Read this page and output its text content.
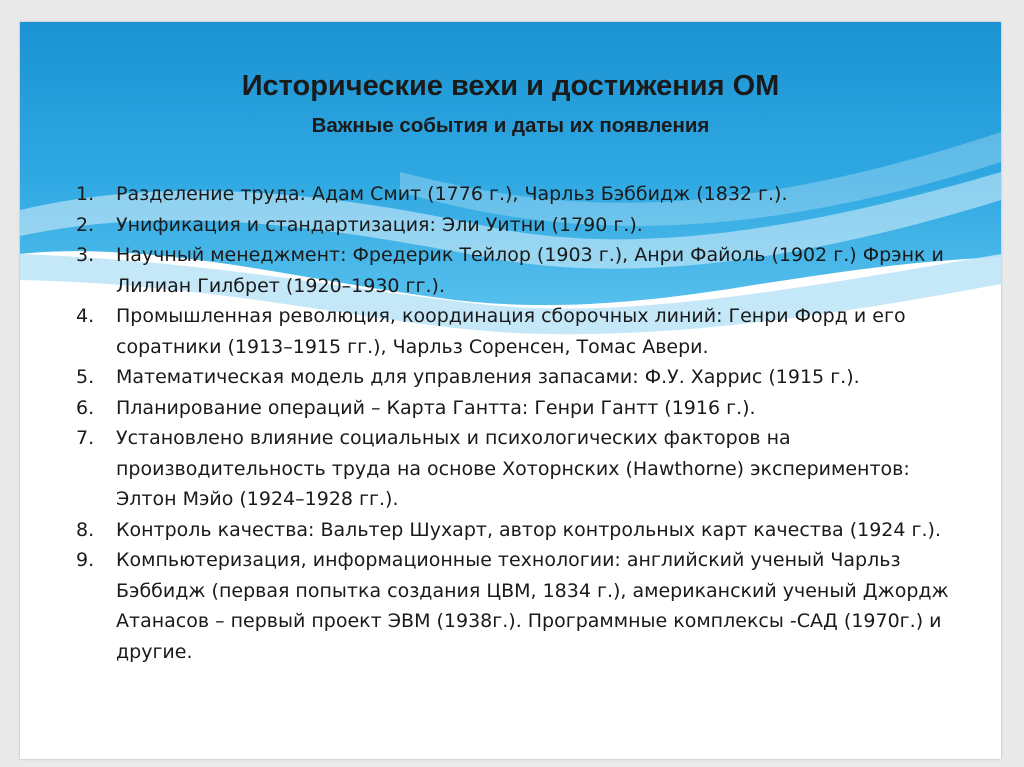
Исторические вехи и достижения ОМ
Важные события и даты их появления
1. Разделение труда: Адам Смит (1776 г.), Чарльз Бэббидж (1832 г.).
2. Унификация и стандартизация: Эли Уитни (1790 г.).
3. Научный менеджмент: Фредерик Тейлор (1903 г.), Анри Файоль (1902 г.) Фрэнк и Лилиан Гилбрет (1920–1930 гг.).
4. Промышленная революция, координация сборочных линий: Генри Форд и его соратники (1913–1915 гг.), Чарльз Соренсен, Томас Авери.
5. Математическая модель для управления запасами: Ф.У. Харрис (1915 г.).
6. Планирование операций – Карта Гантта: Генри Гантт (1916 г.).
7. Установлено влияние социальных и психологических факторов на производительность труда на основе Хоторнских (Hawthorne) экспериментов: Элтон Мэйо (1924–1928 гг.).
8. Контроль качества: Вальтер Шухарт, автор контрольных карт качества (1924 г.).
9. Компьютеризация, информационные технологии: английский ученый Чарльз Бэббидж (первая попытка создания ЦВМ, 1834 г.), американский ученый Джордж Атанасов – первый проект ЭВМ (1938г.). Программные комплексы -САД (1970г.) и другие.
